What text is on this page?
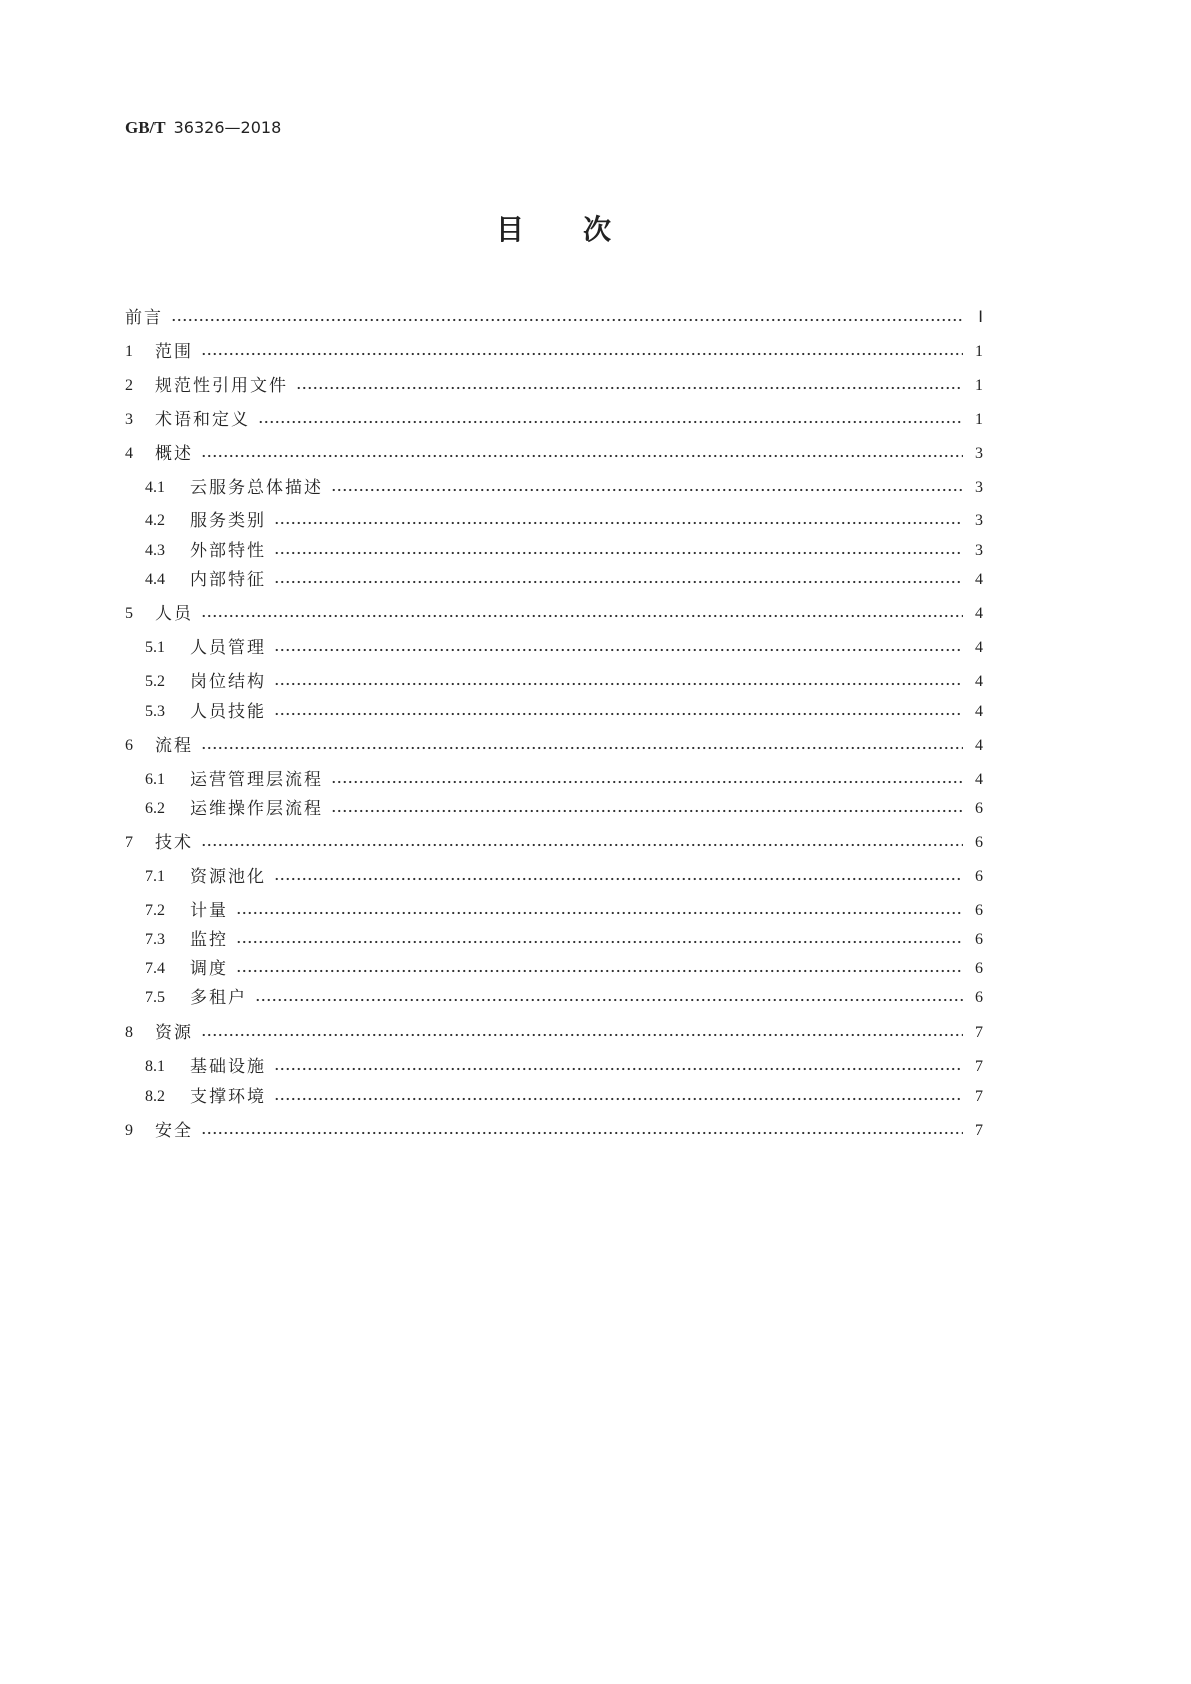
GB/T 36326—2018
目次
前言	Ⅰ
1	范围	1
2	规范性引用文件	1
3	术语和定义	1
4	概述	3
4.1	云服务总体描述	3
4.2	服务类别	3
4.3	外部特性	3
4.4	内部特征	4
5	人员	4
5.1	人员管理	4
5.2	岗位结构	4
5.3	人员技能	4
6	流程	4
6.1	运营管理层流程	4
6.2	运维操作层流程	6
7	技术	6
7.1	资源池化	6
7.2	计量	6
7.3	监控	6
7.4	调度	6
7.5	多租户	6
8	资源	7
8.1	基础设施	7
8.2	支撑环境	7
9	安全	7
